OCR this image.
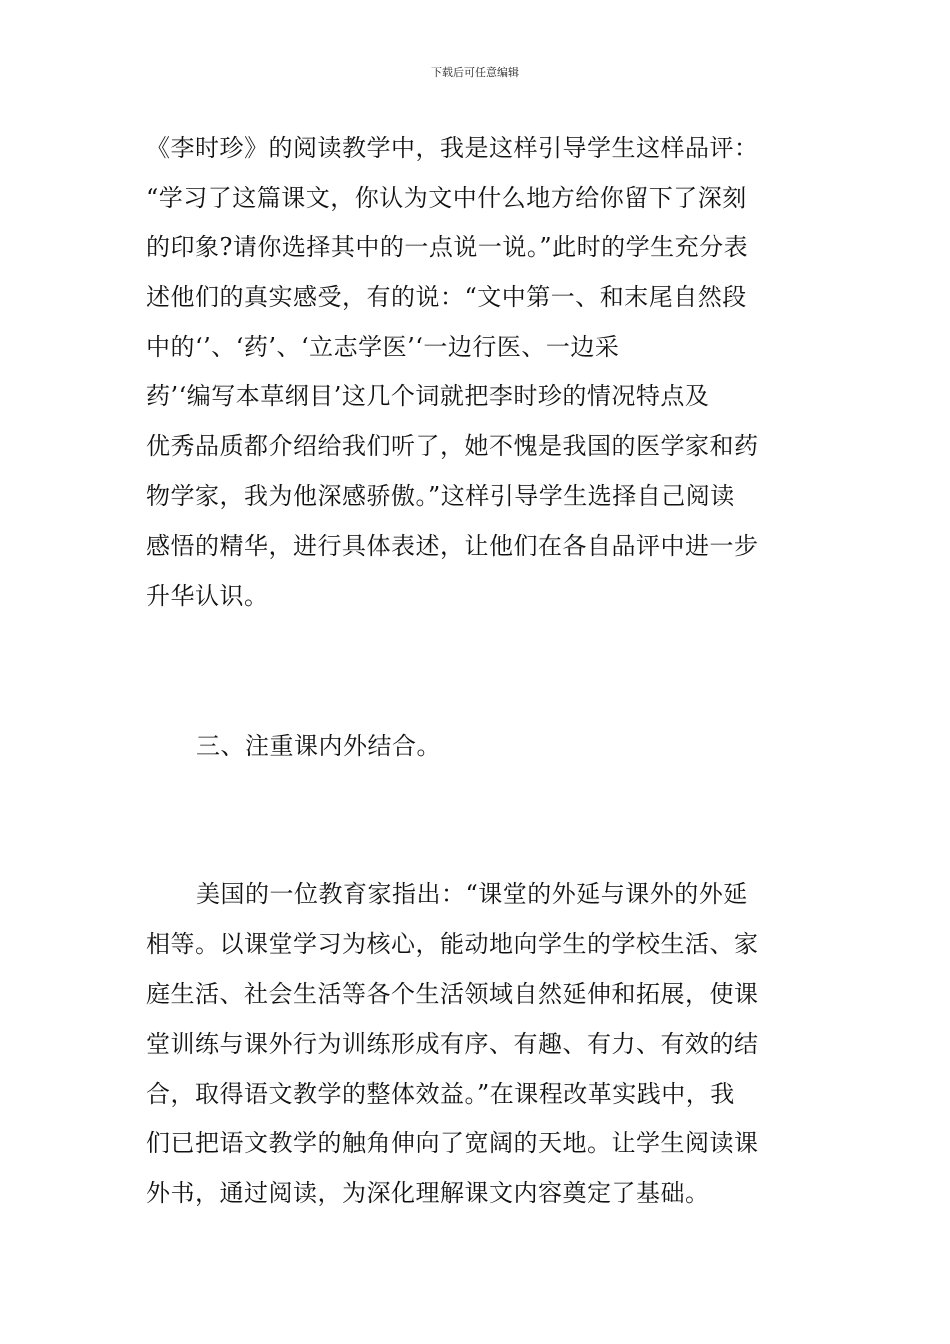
下载后可任意编辑
《李时珍》的阅读教学中，我是这样引导学生这样品评：
“学习了这篇课文，你认为文中什么地方给你留下了深刻
的印象?请你选择其中的一点说一说。”此时的学生充分表
述他们的真实感受，有的说：“文中第一、和末尾自然段
中的‘’、‘药’、‘立志学医’‘一边行医、一边采
药’‘编写本草纲目’这几个词就把李时珍的情况特点及
优秀品质都介绍给我们听了，她不愧是我国的医学家和药
物学家，我为他深感骄傲。”这样引导学生选择自己阅读
感悟的精华，进行具体表述，让他们在各自品评中进一步
升华认识。
三、注重课内外结合。
美国的一位教育家指出：“课堂的外延与课外的外延
相等。以课堂学习为核心，能动地向学生的学校生活、家
庭生活、社会生活等各个生活领域自然延伸和拓展，使课
堂训练与课外行为训练形成有序、有趣、有力、有效的结
合，取得语文教学的整体效益。”在课程改革实践中，我
们已把语文教学的触角伸向了宽阔的天地。让学生阅读课
外书，通过阅读，为深化理解课文内容奠定了基础。
